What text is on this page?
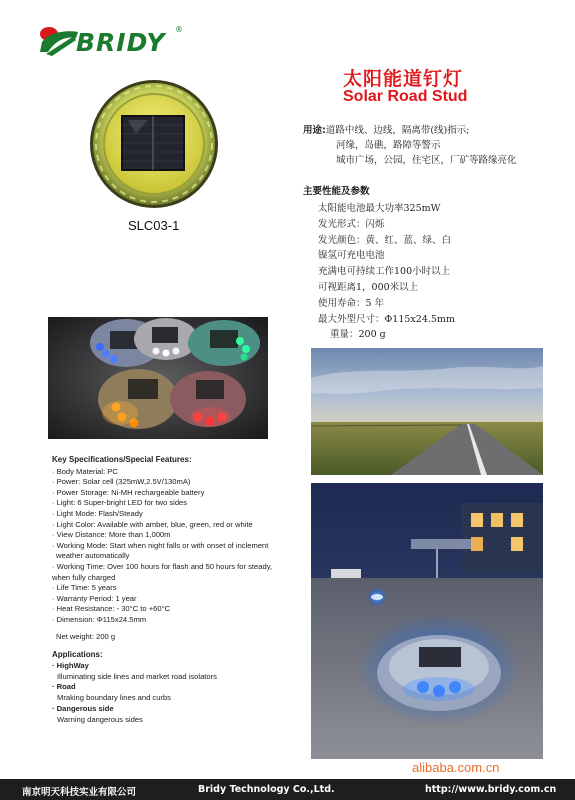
BRIDY ®
SLC03-1
太阳能道钉灯
Solar Road Stud
用途:道路中线、边线，隔离带(线)指示;
河缘，岛礁，路障等警示
城市广场，公园，住宅区，厂矿等路缘亮化
主要性能及参数
太阳能电池最大功率325mW
发光形式：闪烁
发光颜色：黄、红、蓝、绿、白
镍氢可充电电池
充满电可持续工作100小时以上
可视距离1，000米以上
使用寿命：5 年
最大外型尺寸：Φ115x24.5mm
重量：200 g
Key Specifications/Special Features:
· Body Material: PC
· Power: Solar cell (325mW,2.5V/130mA)
· Power Storage: Ni-MH rechargeable battery
· Light: 6 Super-bright LED for two sides
· Light Mode: Flash/Steady
· Light Color: Available with amber, blue, green, red or white
· View Distance: More than 1,000m
· Working Mode: Start when night falls or with onset of inclement
weather automatically
· Working Time: Over 100 hours for flash and 50 hours for steady,
when fully charged
· Life Time: 5 years
· Warranty Period: 1 year
· Heat Resistance: - 30°C to +60°C
· Dimension: Φ115x24.5mm
Net weight: 200 g
Applications:
· HighWay
Illuminating side lines and market road isolators
· Road
Mraking boundary lines and curbs
· Dangerous side
Warning dangerous sides
alibaba.com.cn
南京明天科技实业有限公司	Bridy Technology Co.,Ltd.	http://www.bridy.com.cn
